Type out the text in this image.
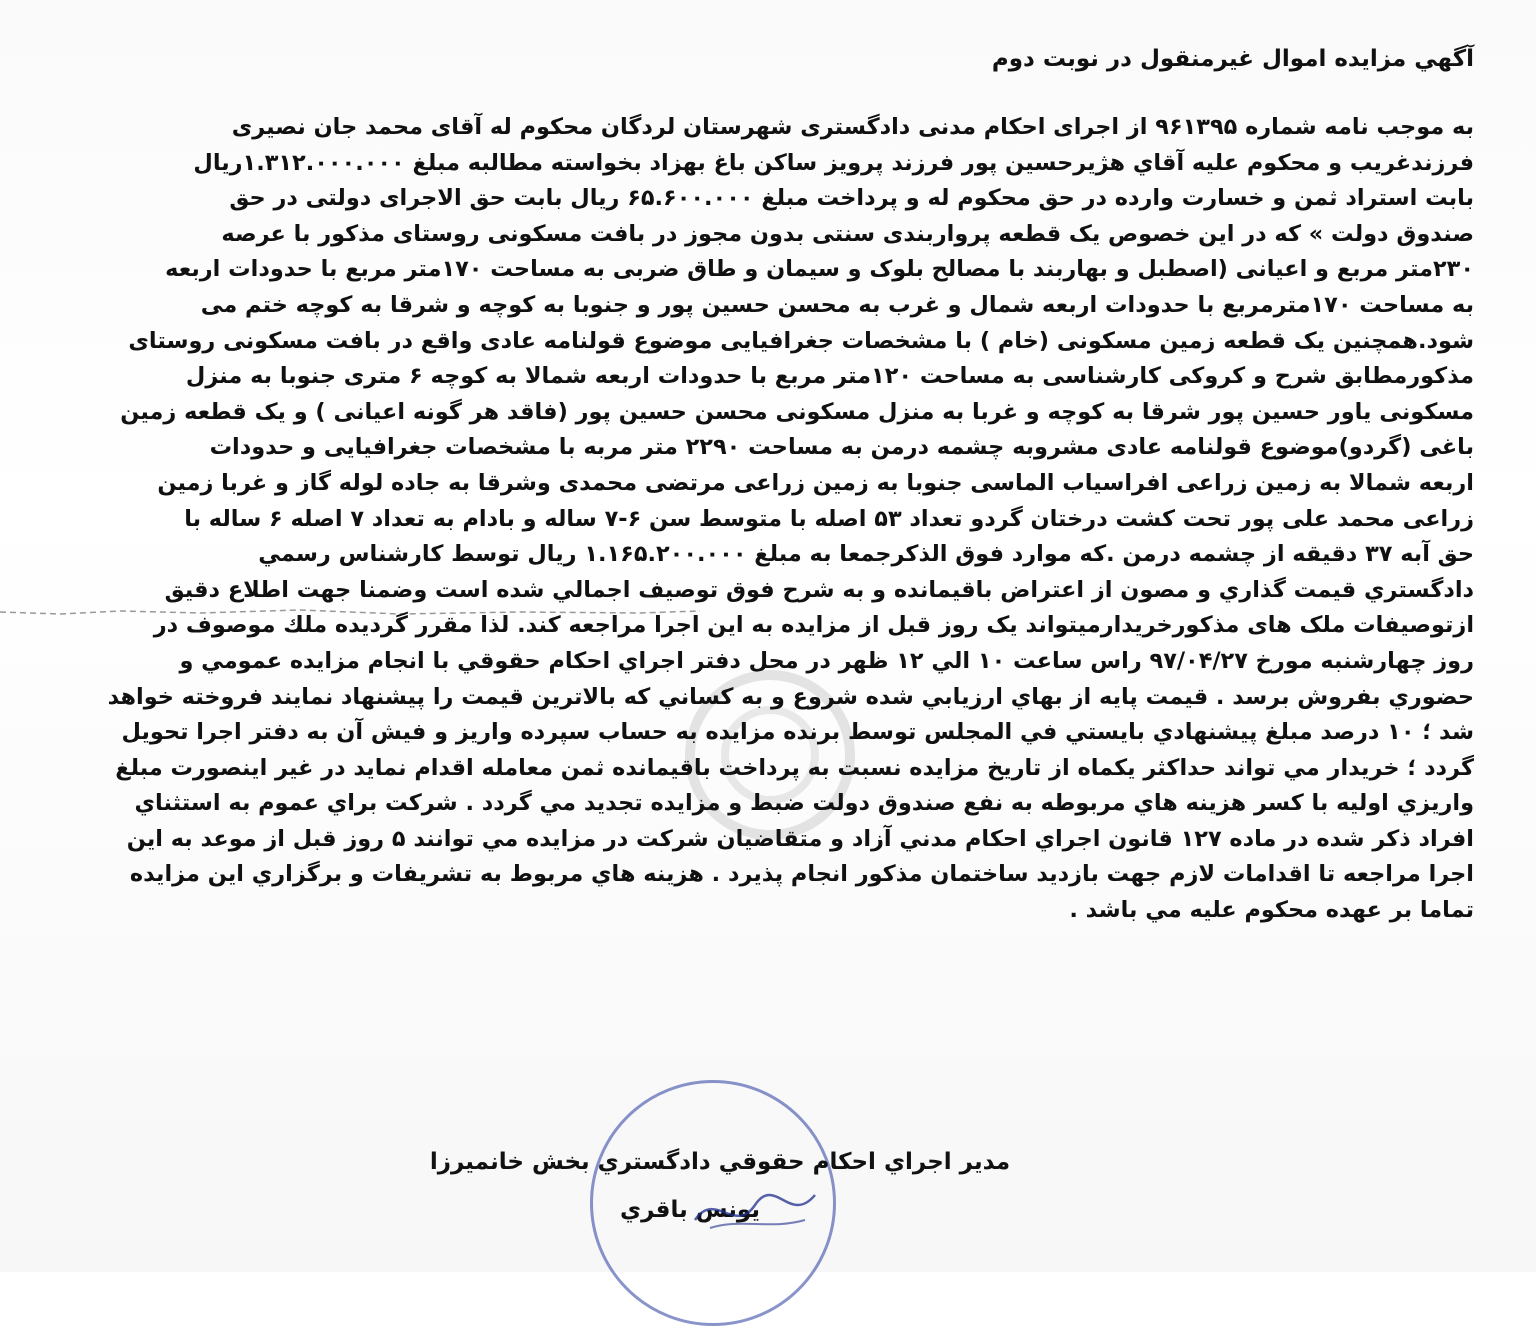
آگهي مزايده اموال غيرمنقول در نوبت دوم
به موجب نامه شماره ۹۶۱۳۹۵ از اجرای احکام مدنی دادگستری شهرستان لردگان محکوم له آقای محمد جان نصیری
فرزندغریب و محکوم علیه آقاي هژیرحسین پور فرزند پرویز ساکن باغ بهزاد بخواسته مطالبه مبلغ ۱.۳۱۲.۰۰۰.۰۰۰ریال
بابت استراد ثمن و خسارت وارده در حق محکوم له و پرداخت مبلغ ۶۵.۶۰۰.۰۰۰ ریال بابت حق الاجرای دولتی در حق
صندوق دولت » که در این خصوص یک قطعه پرواربندی سنتی بدون مجوز در بافت مسکونی روستای مذکور با عرصه
۲۳۰متر مربع و اعیانی (اصطبل و بهاربند با مصالح بلوک و سیمان و طاق ضربی به مساحت ۱۷۰متر مربع با حدودات اربعه
به مساحت ۱۷۰مترمربع با حدودات اربعه شمال و غرب به محسن حسین پور و جنوبا به کوچه و شرقا به کوچه ختم می
شود.همچنین یک قطعه زمین مسکونی (خام ) با مشخصات جغرافیایی موضوع قولنامه عادی واقع در بافت مسکونی روستای
مذکورمطابق شرح و کروکی کارشناسی به مساحت ۱۲۰متر مربع با حدودات اربعه شمالا به کوچه ۶ متری جنوبا به منزل
مسکونی یاور حسین پور شرقا به کوچه و غربا به منزل مسکونی محسن حسین پور (فاقد هر گونه اعیانی ) و یک قطعه زمین
باغی (گردو)موضوع قولنامه عادی مشروبه چشمه درمن به مساحت ۲۲۹۰ متر مربه با مشخصات جغرافیایی و حدودات
اربعه شمالا به زمین زراعی افراسیاب الماسی جنوبا به زمین زراعی مرتضی محمدی وشرقا به جاده لوله گاز و غربا زمین
زراعی محمد علی پور تحت کشت درختان گردو تعداد ۵۳ اصله با متوسط سن ۶-۷ ساله و بادام به تعداد ۷ اصله ۶ ساله با
حق آبه ۳۷ دقیقه از چشمه درمن .که موارد فوق الذکرجمعا به مبلغ ۱.۱۶۵.۲۰۰.۰۰۰ ریال توسط کارشناس رسمي
دادگستري قيمت گذاري و مصون از اعتراض باقيمانده و به شرح فوق توصيف اجمالي شده است وضمنا جهت اطلاع دقيق
ازتوصیفات ملک های مذکورخریدارمیتواند یک روز قبل از مزایده به این اجرا مراجعه کند. لذا مقرر گرديده ملك موصوف در
روز چهارشنبه مورخ ۹۷/۰۴/۲۷ راس ساعت ۱۰ الي ۱۲ ظهر در محل دفتر اجراي احكام حقوقي با انجام مزايده عمومي و
حضوري بفروش برسد . قيمت پايه از بهاي ارزيابي شده شروع و به كساني كه بالاترين قيمت را پيشنهاد نمايند فروخته خواهد
شد ؛ ۱۰ درصد مبلغ پيشنهادي بايستي في المجلس توسط برنده مزايده به حساب سپرده واريز و فيش آن به دفتر اجرا تحويل
گردد ؛ خريدار مي تواند حداكثر يكماه از تاريخ مزايده نسبت به پرداخت باقيمانده ثمن معامله اقدام نمايد در غير اينصورت مبلغ
واريزي اوليه با كسر هزينه هاي مربوطه به نفع صندوق دولت ضبط و مزايده تجديد مي گردد . شركت براي عموم به استثناي
افراد ذكر شده در ماده ۱۲۷ قانون اجراي احكام مدني آزاد و متقاضيان شركت در مزايده مي توانند ۵ روز قبل از موعد به اين
اجرا مراجعه تا اقدامات لازم جهت بازديد ساختمان مذكور انجام پذيرد . هزينه هاي مربوط به تشريفات و برگزاري اين مزايده
تماما بر عهده محكوم عليه مي باشد .
مدير اجراي احكام حقوقي دادگستري بخش خانميرزا
يونس باقري
